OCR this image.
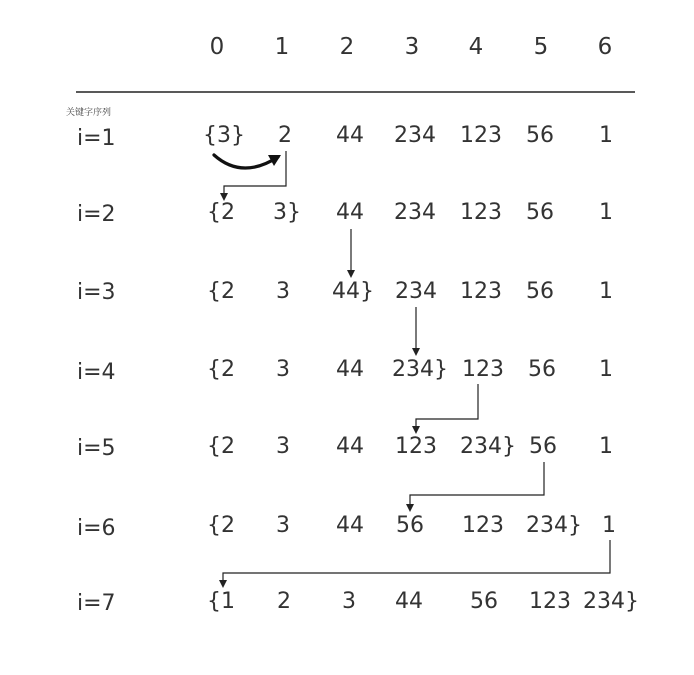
0 1 2 3 4 5 6
关键字序列
i=1	{3} 2 44 234 123 56 1
i=2	{2 3} 44 234 123 56 1
i=3	{2 3 44} 234 123 56 1
i=4	{2 3 44 234} 123 56 1
i=5	{2 3 44 123 234} 56 1
i=6	{2 3 44 56 123 234} 1
i=7	{1 2 3 44 56 123 234}
